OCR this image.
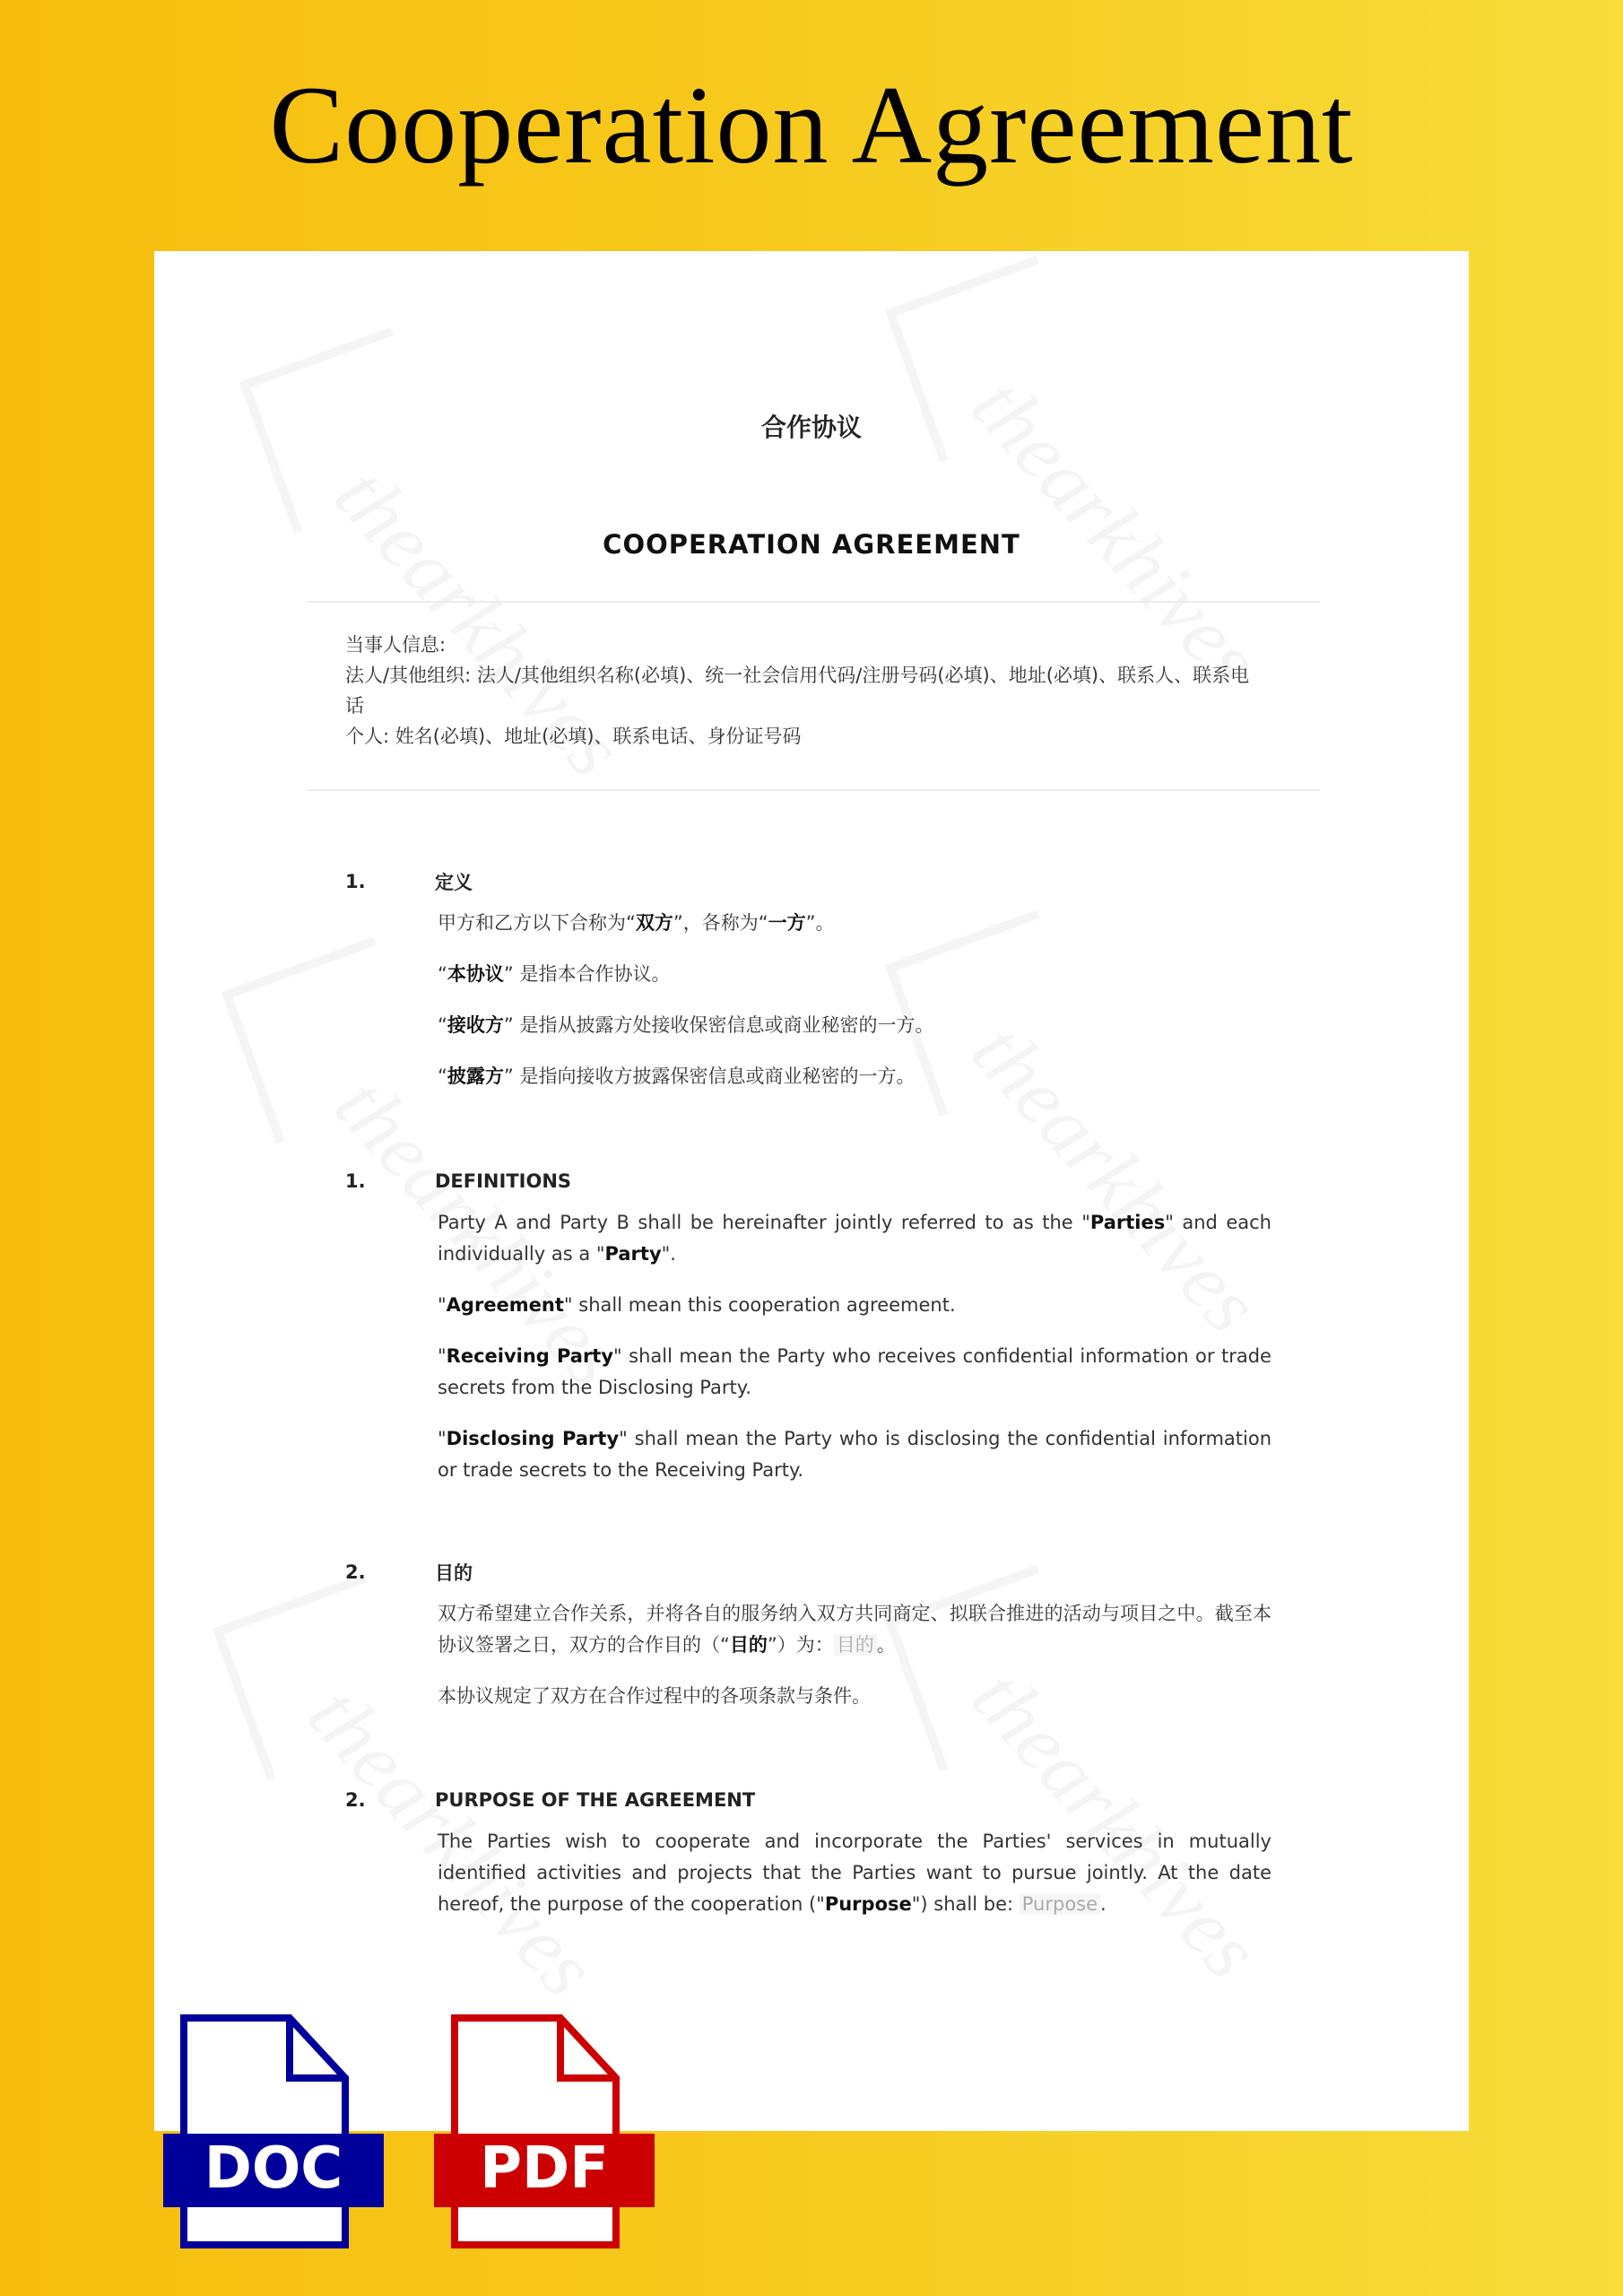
Cooperation Agreement
合作协议
COOPERATION AGREEMENT
当事人信息:
法人/其他组织: 法人/其他组织名称(必填)、统一社会信用代码/注册号码(必填)、地址(必填)、联系人、联系电话
个人: 姓名(必填)、地址(必填)、联系电话、身份证号码
1.	定义

甲方和乙方以下合称为“双方”，各称为“一方”。

“本协议” 是指本合作协议。

“接收方” 是指从披露方处接收保密信息或商业秘密的一方。

“披露方” 是指向接收方披露保密信息或商业秘密的一方。

1.	DEFINITIONS

Party A and Party B shall be hereinafter jointly referred to as the "Parties" and each individually as a "Party".

"Agreement" shall mean this cooperation agreement.

"Receiving Party" shall mean the Party who receives confidential information or trade secrets from the Disclosing Party.

"Disclosing Party" shall mean the Party who is disclosing the confidential information or trade secrets to the Receiving Party.

2.	目的

双方希望建立合作关系，并将各自的服务纳入双方共同商定、拟联合推进的活动与项目之中。截至本协议签署之日，双方的合作目的（“目的”）为： 目的 。

本协议规定了双方在合作过程中的各项条款与条件。

2.	PURPOSE OF THE AGREEMENT

The Parties wish to cooperate and incorporate the Parties' services in mutually identified activities and projects that the Parties want to pursue jointly. At the date hereof, the purpose of the cooperation ("Purpose") shall be: Purpose .

DOC	PDF
